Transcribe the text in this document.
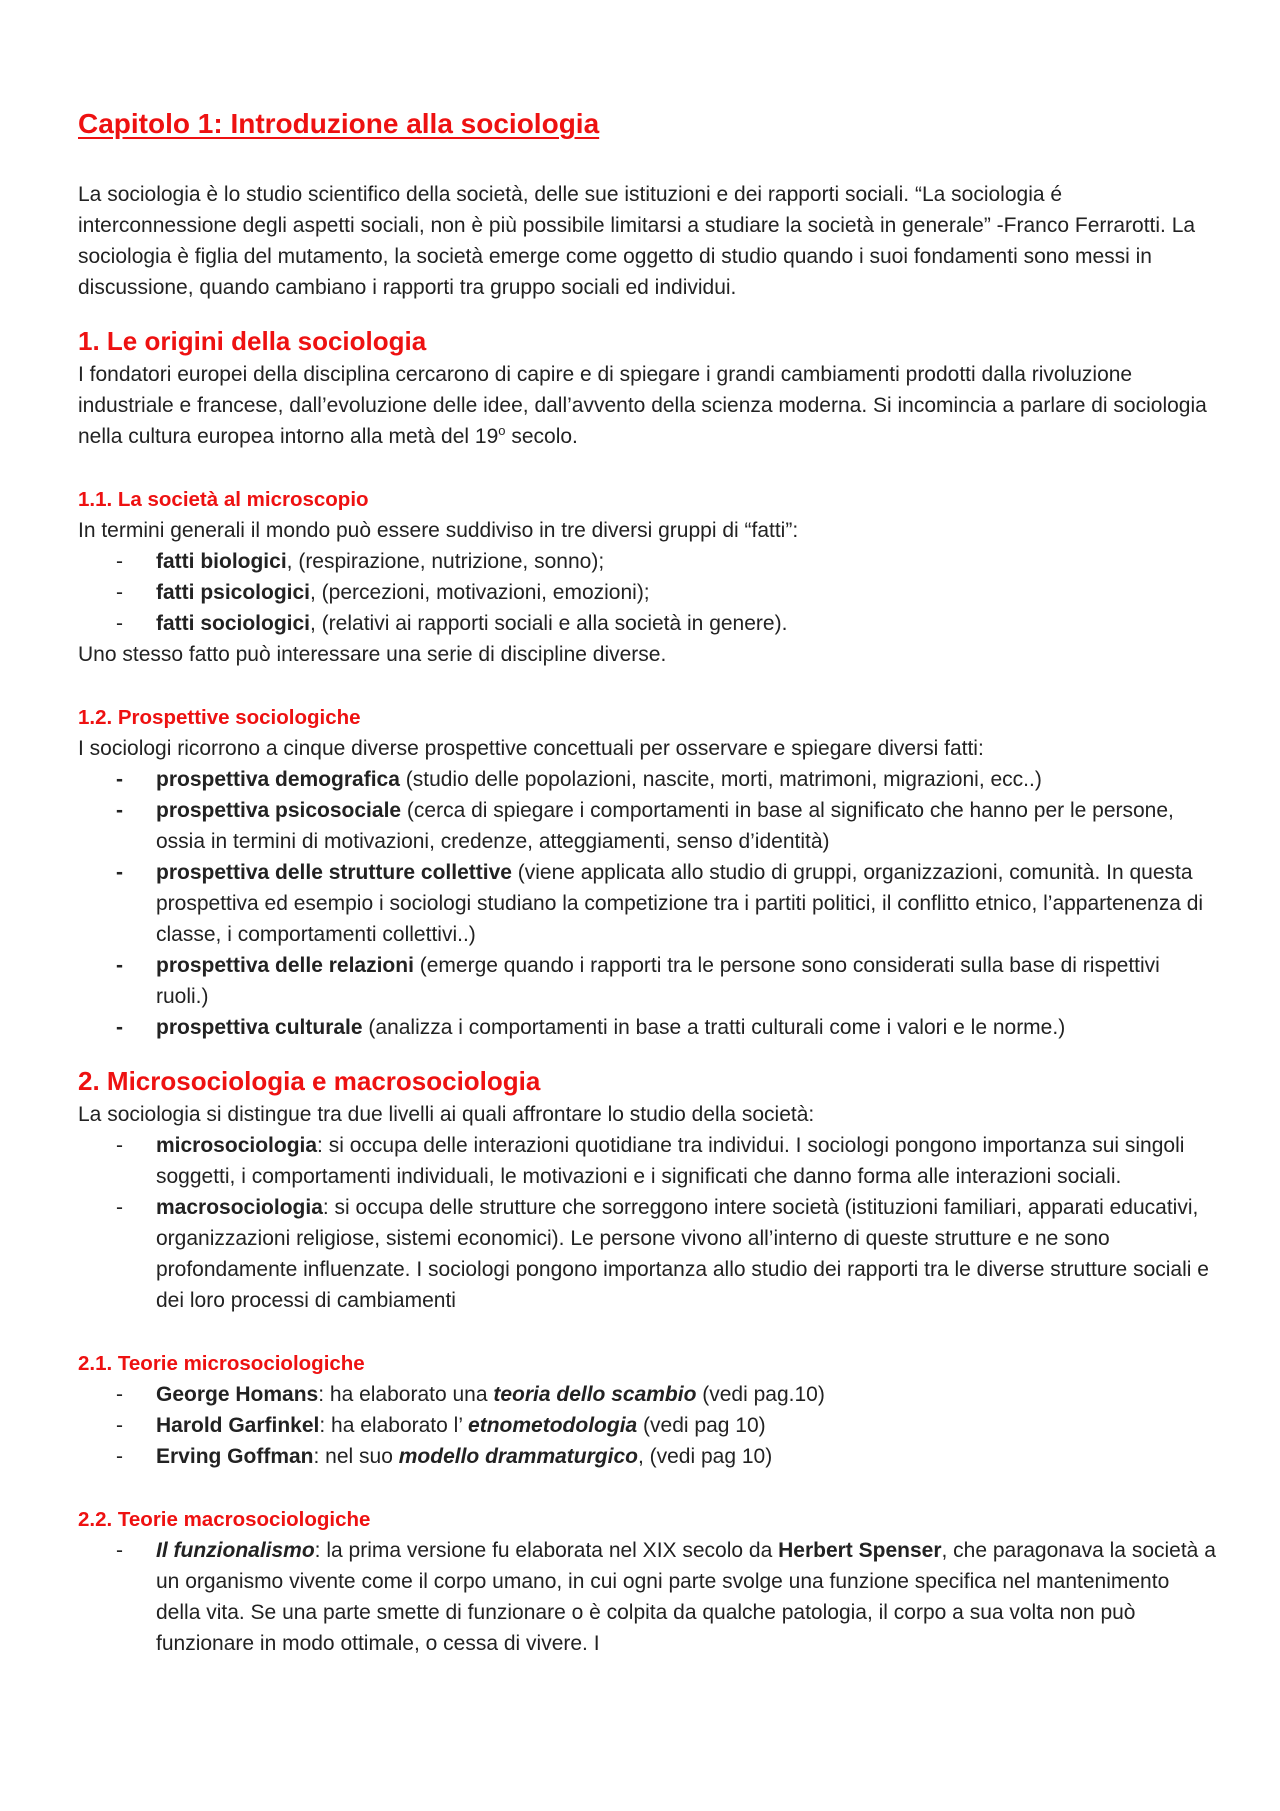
Capitolo 1: Introduzione alla sociologia

La sociologia è lo studio scientifico della società, delle sue istituzioni e dei rapporti sociali. “La sociologia é interconnessione degli aspetti sociali, non è più possibile limitarsi a studiare la società in generale” -Franco Ferrarotti. La sociologia è figlia del mutamento, la società emerge come oggetto di studio quando i suoi fondamenti sono messi in discussione, quando cambiano i rapporti tra gruppo sociali ed individui.

1. Le origini della sociologia

I fondatori europei della disciplina cercarono di capire e di spiegare i grandi cambiamenti prodotti dalla rivoluzione industriale e francese, dall’evoluzione delle idee, dall’avvento della scienza moderna. Si incomincia a parlare di sociologia nella cultura europea intorno alla metà del 19$^o$ secolo.

1.1. La società al microscopio

In termini generali il mondo può essere suddiviso in tre diversi gruppi di “fatti”:

- fatti biologici, (respirazione, nutrizione, sonno);
- fatti psicologici, (percezioni, motivazioni, emozioni);
- fatti sociologici, (relativi ai rapporti sociali e alla società in genere).

Uno stesso fatto può interessare una serie di discipline diverse.

1.2. Prospettive sociologiche

I sociologi ricorrono a cinque diverse prospettive concettuali per osservare e spiegare diversi fatti:

- prospettiva demografica (studio delle popolazioni, nascite, morti, matrimoni, migrazioni, ecc..)
- prospettiva psicosociale (cerca di spiegare i comportamenti in base al significato che hanno per le persone, ossia in termini di motivazioni, credenze, atteggiamenti, senso d’identità)
- prospettiva delle strutture collettive (viene applicata allo studio di gruppi, organizzazioni, comunità. In questa prospettiva ed esempio i sociologi studiano la competizione tra i partiti politici, il conflitto etnico, l’appartenenza di classe, i comportamenti collettivi..)
- prospettiva delle relazioni (emerge quando i rapporti tra le persone sono considerati sulla base di rispettivi ruoli.)
- prospettiva culturale (analizza i comportamenti in base a tratti culturali come i valori e le norme.)
2. Microsociologia e macrosociologia

La sociologia si distingue tra due livelli ai quali affrontare lo studio della società:

- microsociologia: si occupa delle interazioni quotidiane tra individui. I sociologi pongono importanza sui singoli soggetti, i comportamenti individuali, le motivazioni e i significati che danno forma alle interazioni sociali.
- macrosociologia: si occupa delle strutture che sorreggono intere società (istituzioni familiari, apparati educativi, organizzazioni religiose, sistemi economici). Le persone vivono all’interno di queste strutture e ne sono profondamente influenzate. I sociologi pongono importanza allo studio dei rapporti tra le diverse strutture sociali e dei loro processi di cambiamenti
2.1. Teorie microsociologiche
- George Homans: ha elaborato una teoria dello scambio (vedi pag.10)
- Harold Garfinkel: ha elaborato l’ etnometodologia (vedi pag 10)
- Erving Goffman: nel suo modello drammaturgico, (vedi pag 10)
2.2. Teorie macrosociologiche
- Il funzionalismo: la prima versione fu elaborata nel XIX secolo da Herbert Spenser, che paragonava la società a un organismo vivente come il corpo umano, in cui ogni parte svolge una funzione specifica nel mantenimento della vita. Se una parte smette di funzionare o è colpita da qualche patologia, il corpo a sua volta non può funzionare in modo ottimale, o cessa di vivere. I
